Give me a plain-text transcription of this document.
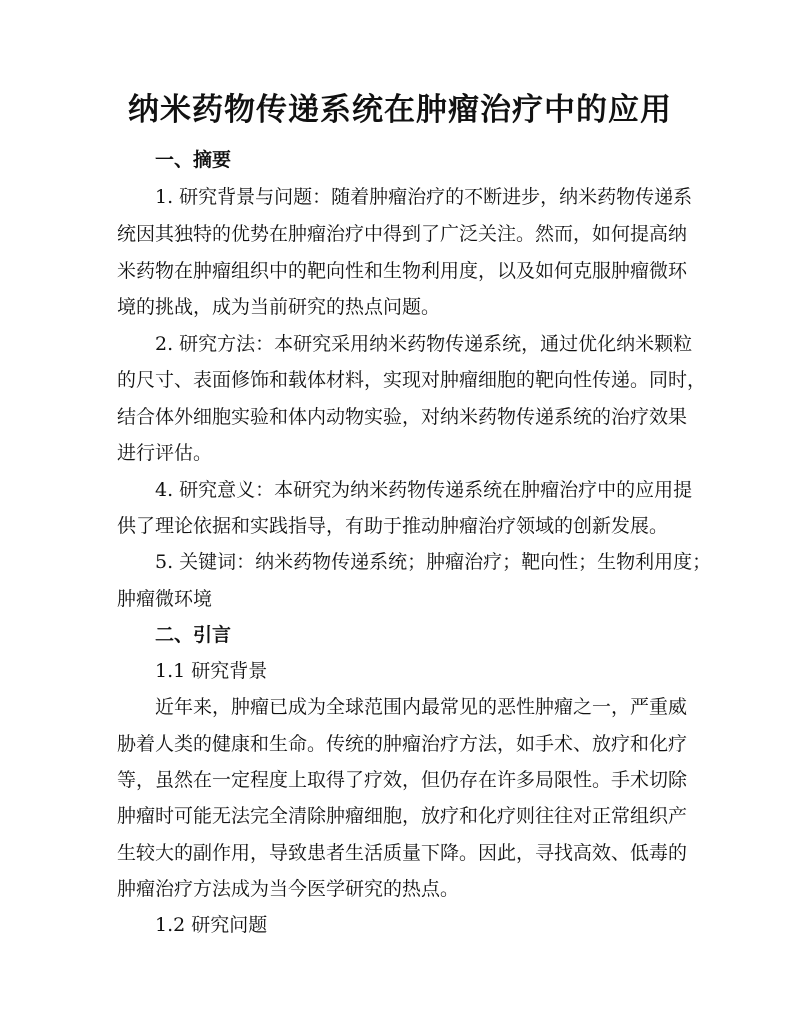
纳米药物传递系统在肿瘤治疗中的应用
一、摘要
1. 研究背景与问题：随着肿瘤治疗的不断进步，纳米药物传递系
统因其独特的优势在肿瘤治疗中得到了广泛关注。然而，如何提高纳
米药物在肿瘤组织中的靶向性和生物利用度，以及如何克服肿瘤微环
境的挑战，成为当前研究的热点问题。
2. 研究方法：本研究采用纳米药物传递系统，通过优化纳米颗粒
的尺寸、表面修饰和载体材料，实现对肿瘤细胞的靶向性传递。同时，
结合体外细胞实验和体内动物实验，对纳米药物传递系统的治疗效果
进行评估。
4. 研究意义：本研究为纳米药物传递系统在肿瘤治疗中的应用提
供了理论依据和实践指导，有助于推动肿瘤治疗领域的创新发展。
5. 关键词：纳米药物传递系统；肿瘤治疗；靶向性；生物利用度；
肿瘤微环境
二、引言
1.1 研究背景
近年来，肿瘤已成为全球范围内最常见的恶性肿瘤之一，严重威
胁着人类的健康和生命。传统的肿瘤治疗方法，如手术、放疗和化疗
等，虽然在一定程度上取得了疗效，但仍存在许多局限性。手术切除
肿瘤时可能无法完全清除肿瘤细胞，放疗和化疗则往往对正常组织产
生较大的副作用，导致患者生活质量下降。因此，寻找高效、低毒的
肿瘤治疗方法成为当今医学研究的热点。
1.2 研究问题
